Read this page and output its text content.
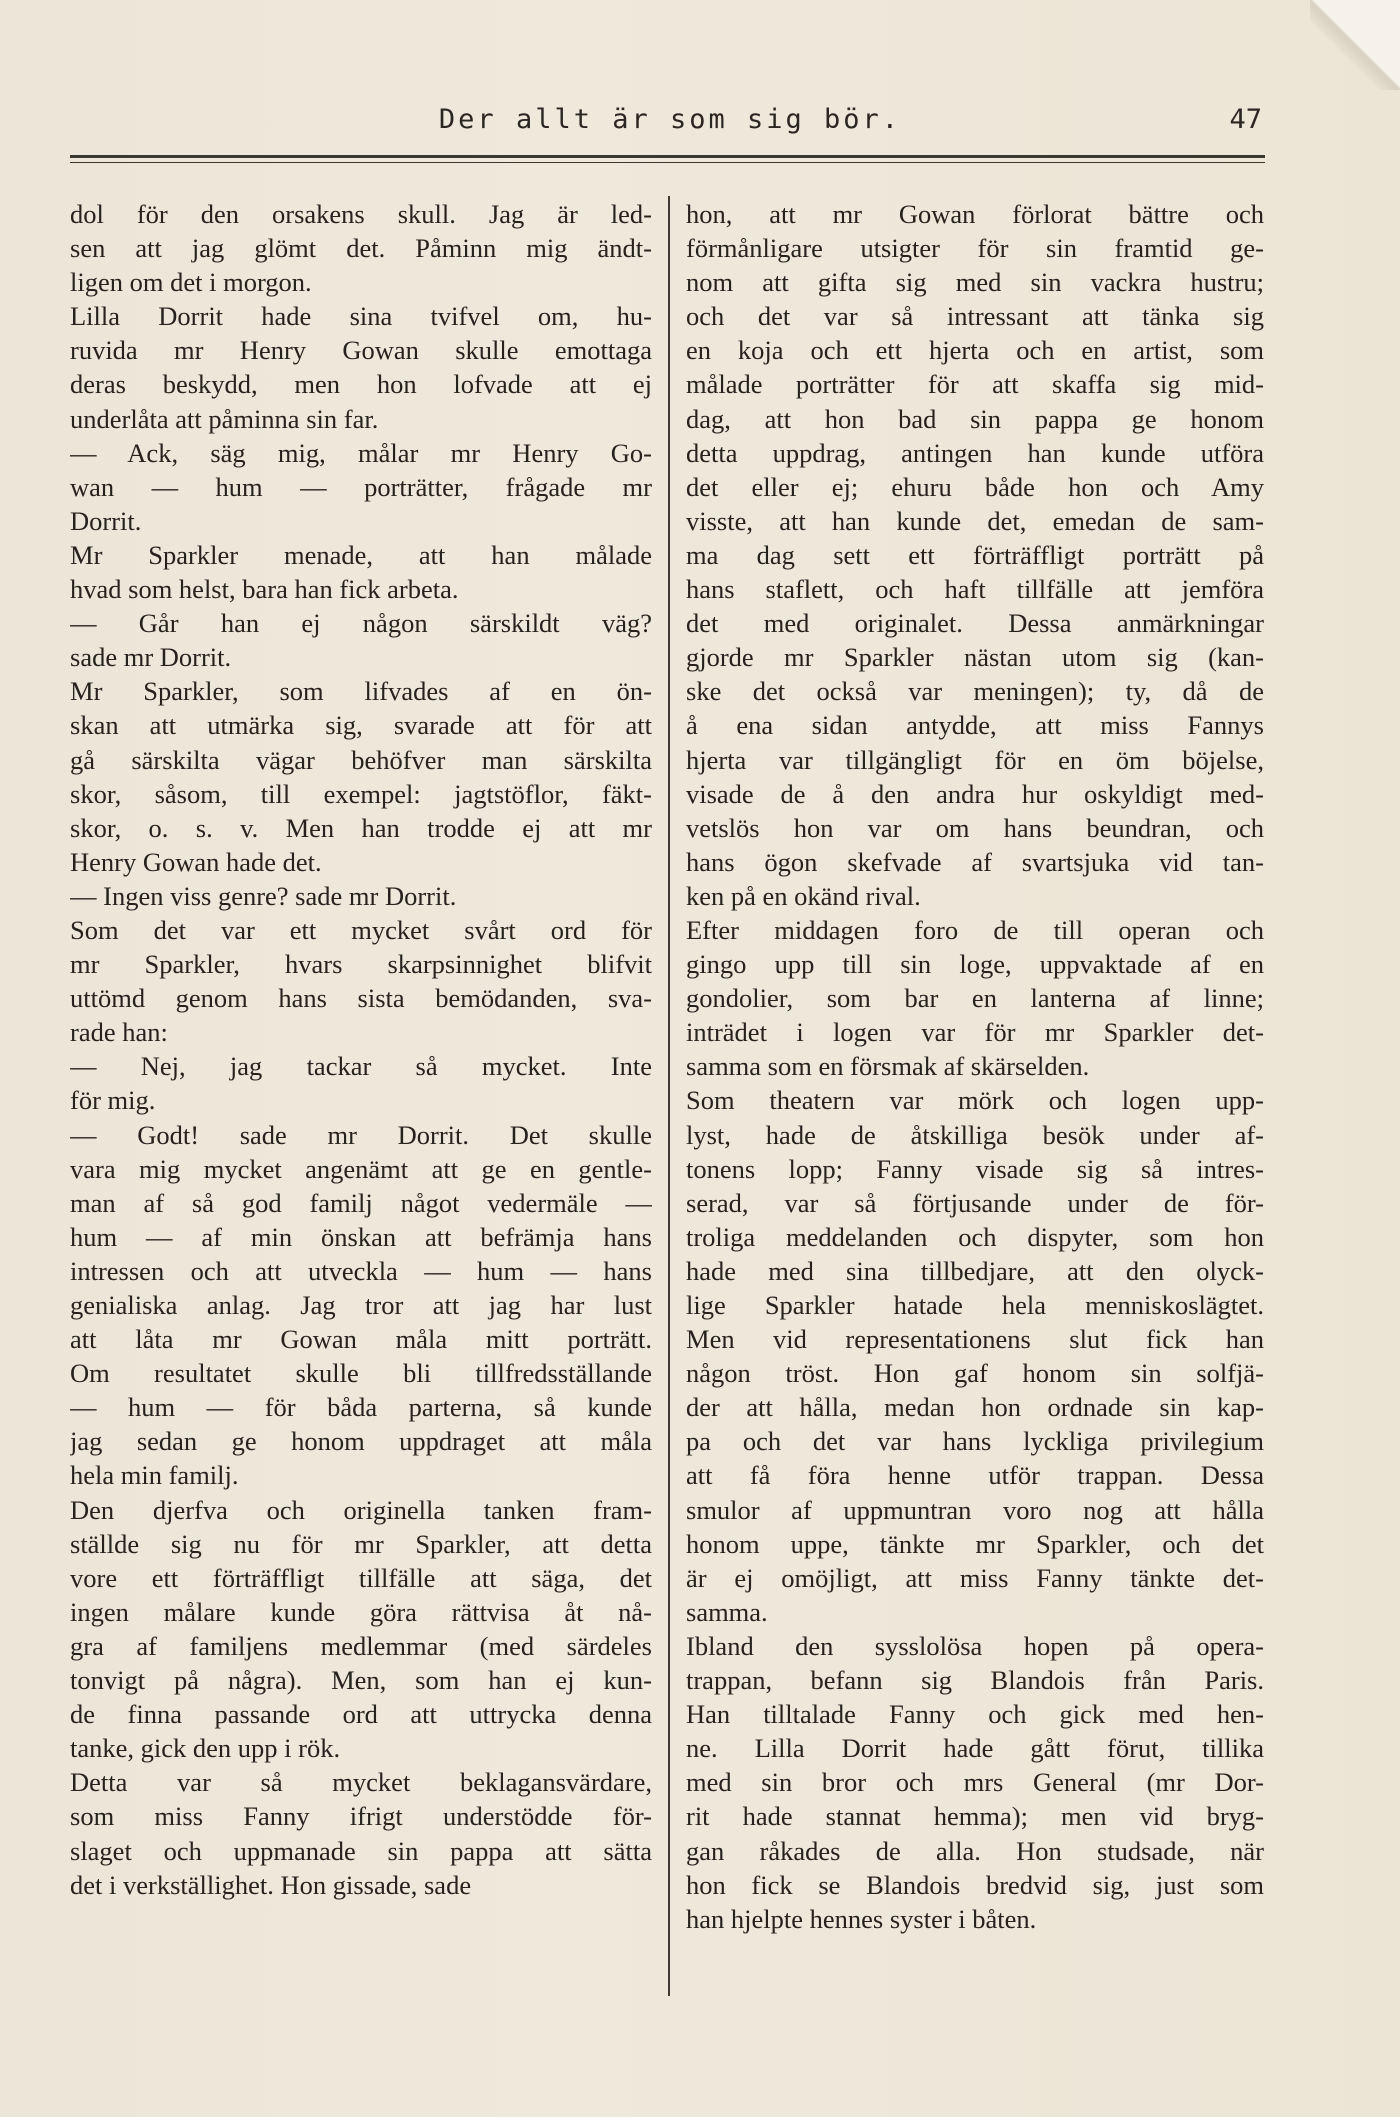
Der allt är som sig bör.	47
dol för den orsakens skull. Jag är led-
sen att jag glömt det. Påminn mig ändt-
ligen om det i morgon.
Lilla Dorrit hade sina tvifvel om, hu-
ruvida mr Henry Gowan skulle emottaga
deras beskydd, men hon lofvade att ej
underlåta att påminna sin far.
— Ack, säg mig, målar mr Henry Go-
wan — hum — porträtter, frågade mr
Dorrit.
Mr Sparkler menade, att han målade
hvad som helst, bara han fick arbeta.
— Går han ej någon särskildt väg?
sade mr Dorrit.
Mr Sparkler, som lifvades af en ön-
skan att utmärka sig, svarade att för att
gå särskilta vägar behöfver man särskilta
skor, såsom, till exempel: jagtstöflor, fäkt-
skor, o. s. v. Men han trodde ej att mr
Henry Gowan hade det.
— Ingen viss genre? sade mr Dorrit.
Som det var ett mycket svårt ord för
mr Sparkler, hvars skarpsinnighet blifvit
uttömd genom hans sista bemödanden, sva-
rade han:
— Nej, jag tackar så mycket. Inte
för mig.
— Godt! sade mr Dorrit. Det skulle
vara mig mycket angenämt att ge en gentle-
man af så god familj något vedermäle —
hum — af min önskan att befrämja hans
intressen och att utveckla — hum — hans
genialiska anlag. Jag tror att jag har lust
att låta mr Gowan måla mitt porträtt.
Om resultatet skulle bli tillfredsställande
— hum — för båda parterna, så kunde
jag sedan ge honom uppdraget att måla
hela min familj.
Den djerfva och originella tanken fram-
ställde sig nu för mr Sparkler, att detta
vore ett förträffligt tillfälle att säga, det
ingen målare kunde göra rättvisa åt nå-
gra af familjens medlemmar (med särdeles
tonvigt på några). Men, som han ej kun-
de finna passande ord att uttrycka denna
tanke, gick den upp i rök.
Detta var så mycket beklagansvärdare,
som miss Fanny ifrigt understödde för-
slaget och uppmanade sin pappa att sätta
det i verkställighet. Hon gissade, sade
hon, att mr Gowan förlorat bättre och
förmånligare utsigter för sin framtid ge-
nom att gifta sig med sin vackra hustru;
och det var så intressant att tänka sig
en koja och ett hjerta och en artist, som
målade porträtter för att skaffa sig mid-
dag, att hon bad sin pappa ge honom
detta uppdrag, antingen han kunde utföra
det eller ej; ehuru både hon och Amy
visste, att han kunde det, emedan de sam-
ma dag sett ett förträffligt porträtt på
hans staflett, och haft tillfälle att jemföra
det med originalet. Dessa anmärkningar
gjorde mr Sparkler nästan utom sig (kan-
ske det också var meningen); ty, då de
å ena sidan antydde, att miss Fannys
hjerta var tillgängligt för en öm böjelse,
visade de å den andra hur oskyldigt med-
vetslös hon var om hans beundran, och
hans ögon skefvade af svartsjuka vid tan-
ken på en okänd rival.
Efter middagen foro de till operan och
gingo upp till sin loge, uppvaktade af en
gondolier, som bar en lanterna af linne;
inträdet i logen var för mr Sparkler det-
samma som en försmak af skärselden.
Som theatern var mörk och logen upp-
lyst, hade de åtskilliga besök under af-
tonens lopp; Fanny visade sig så intres-
serad, var så förtjusande under de för-
troliga meddelanden och dispyter, som hon
hade med sina tillbedjare, att den olyck-
lige Sparkler hatade hela menniskoslägtet.
Men vid representationens slut fick han
någon tröst. Hon gaf honom sin solfjä-
der att hålla, medan hon ordnade sin kap-
pa och det var hans lyckliga privilegium
att få föra henne utför trappan. Dessa
smulor af uppmuntran voro nog att hålla
honom uppe, tänkte mr Sparkler, och det
är ej omöjligt, att miss Fanny tänkte det-
samma.
Ibland den sysslolösa hopen på opera-
trappan, befann sig Blandois från Paris.
Han tilltalade Fanny och gick med hen-
ne. Lilla Dorrit hade gått förut, tillika
med sin bror och mrs General (mr Dor-
rit hade stannat hemma); men vid bryg-
gan råkades de alla. Hon studsade, när
hon fick se Blandois bredvid sig, just som
han hjelpte hennes syster i båten.
